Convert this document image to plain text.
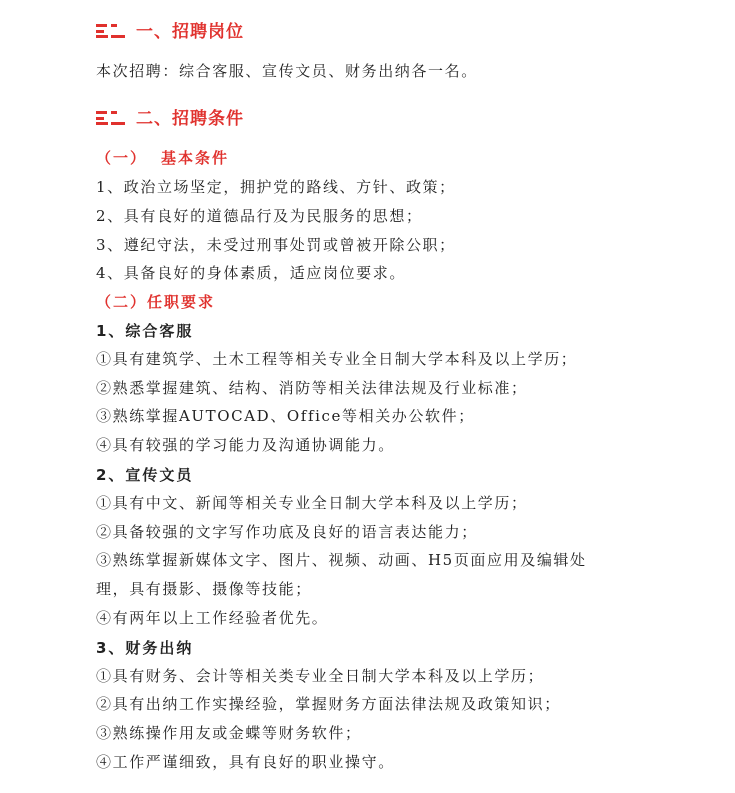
一、招聘岗位
本次招聘：综合客服、宣传文员、财务出纳各一名。
二、招聘条件
（一） 基本条件
1、政治立场坚定，拥护党的路线、方针、政策；
2、具有良好的道德品行及为民服务的思想；
3、遵纪守法，未受过刑事处罚或曾被开除公职；
4、具备良好的身体素质，适应岗位要求。
（二）任职要求
1、综合客服
①具有建筑学、土木工程等相关专业全日制大学本科及以上学历；
②熟悉掌握建筑、结构、消防等相关法律法规及行业标准；
③熟练掌握AUTOCAD、Office等相关办公软件；
④具有较强的学习能力及沟通协调能力。
2、宣传文员
①具有中文、新闻等相关专业全日制大学本科及以上学历；
②具备较强的文字写作功底及良好的语言表达能力；
③熟练掌握新媒体文字、图片、视频、动画、H5页面应用及编辑处
理，具有摄影、摄像等技能；
④有两年以上工作经验者优先。
3、财务出纳
①具有财务、会计等相关类专业全日制大学本科及以上学历；
②具有出纳工作实操经验，掌握财务方面法律法规及政策知识；
③熟练操作用友或金蝶等财务软件；
④工作严谨细致，具有良好的职业操守。
